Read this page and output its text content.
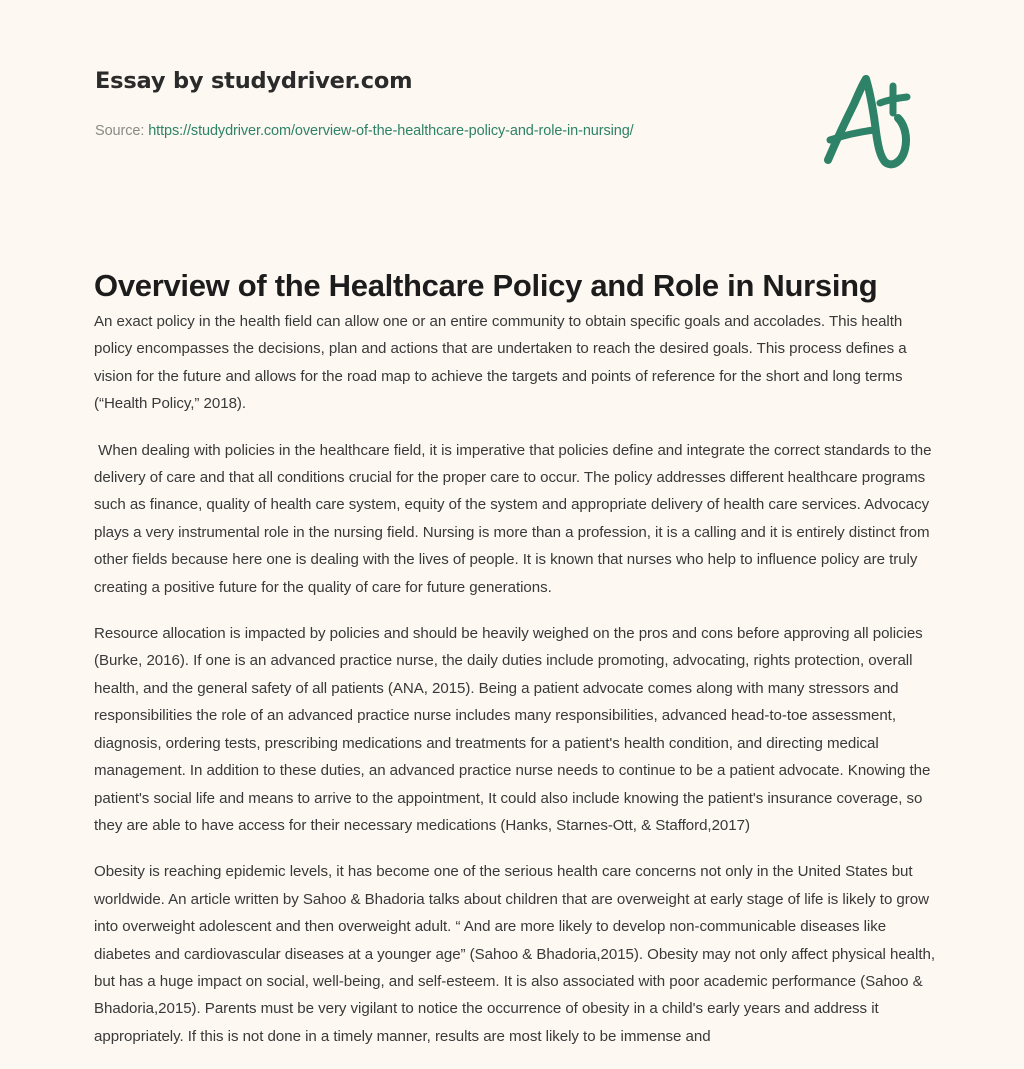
Essay by studydriver.com
Source: https://studydriver.com/overview-of-the-healthcare-policy-and-role-in-nursing/
Overview of the Healthcare Policy and Role in Nursing

An exact policy in the health field can allow one or an entire community to obtain specific goals and accolades. This health policy encompasses the decisions, plan and actions that are undertaken to reach the desired goals. This process defines a vision for the future and allows for the road map to achieve the targets and points of reference for the short and long terms (“Health Policy,” 2018).

When dealing with policies in the healthcare field, it is imperative that policies define and integrate the correct standards to the delivery of care and that all conditions crucial for the proper care to occur. The policy addresses different healthcare programs such as finance, quality of health care system, equity of the system and appropriate delivery of health care services. Advocacy plays a very instrumental role in the nursing field. Nursing is more than a profession, it is a calling and it is entirely distinct from other fields because here one is dealing with the lives of people. It is known that nurses who help to influence policy are truly creating a positive future for the quality of care for future generations.

Resource allocation is impacted by policies and should be heavily weighed on the pros and cons before approving all policies (Burke, 2016). If one is an advanced practice nurse, the daily duties include promoting, advocating, rights protection, overall health, and the general safety of all patients (ANA, 2015). Being a patient advocate comes along with many stressors and responsibilities the role of an advanced practice nurse includes many responsibilities, advanced head-to-toe assessment, diagnosis, ordering tests, prescribing medications and treatments for a patient's health condition, and directing medical management. In addition to these duties, an advanced practice nurse needs to continue to be a patient advocate. Knowing the patient's social life and means to arrive to the appointment, It could also include knowing the patient's insurance coverage, so they are able to have access for their necessary medications (Hanks, Starnes-Ott, & Stafford,2017)

Obesity is reaching epidemic levels, it has become one of the serious health care concerns not only in the United States but worldwide. An article written by Sahoo & Bhadoria talks about children that are overweight at early stage of life is likely to grow into overweight adolescent and then overweight adult. “ And are more likely to develop non-communicable diseases like diabetes and cardiovascular diseases at a younger age” (Sahoo & Bhadoria,2015). Obesity may not only affect physical health, but has a huge impact on social, well-being, and self-esteem. It is also associated with poor academic performance (Sahoo & Bhadoria,2015). Parents must be very vigilant to notice the occurrence of obesity in a child's early years and address it appropriately. If this is not done in a timely manner, results are most likely to be immense and
